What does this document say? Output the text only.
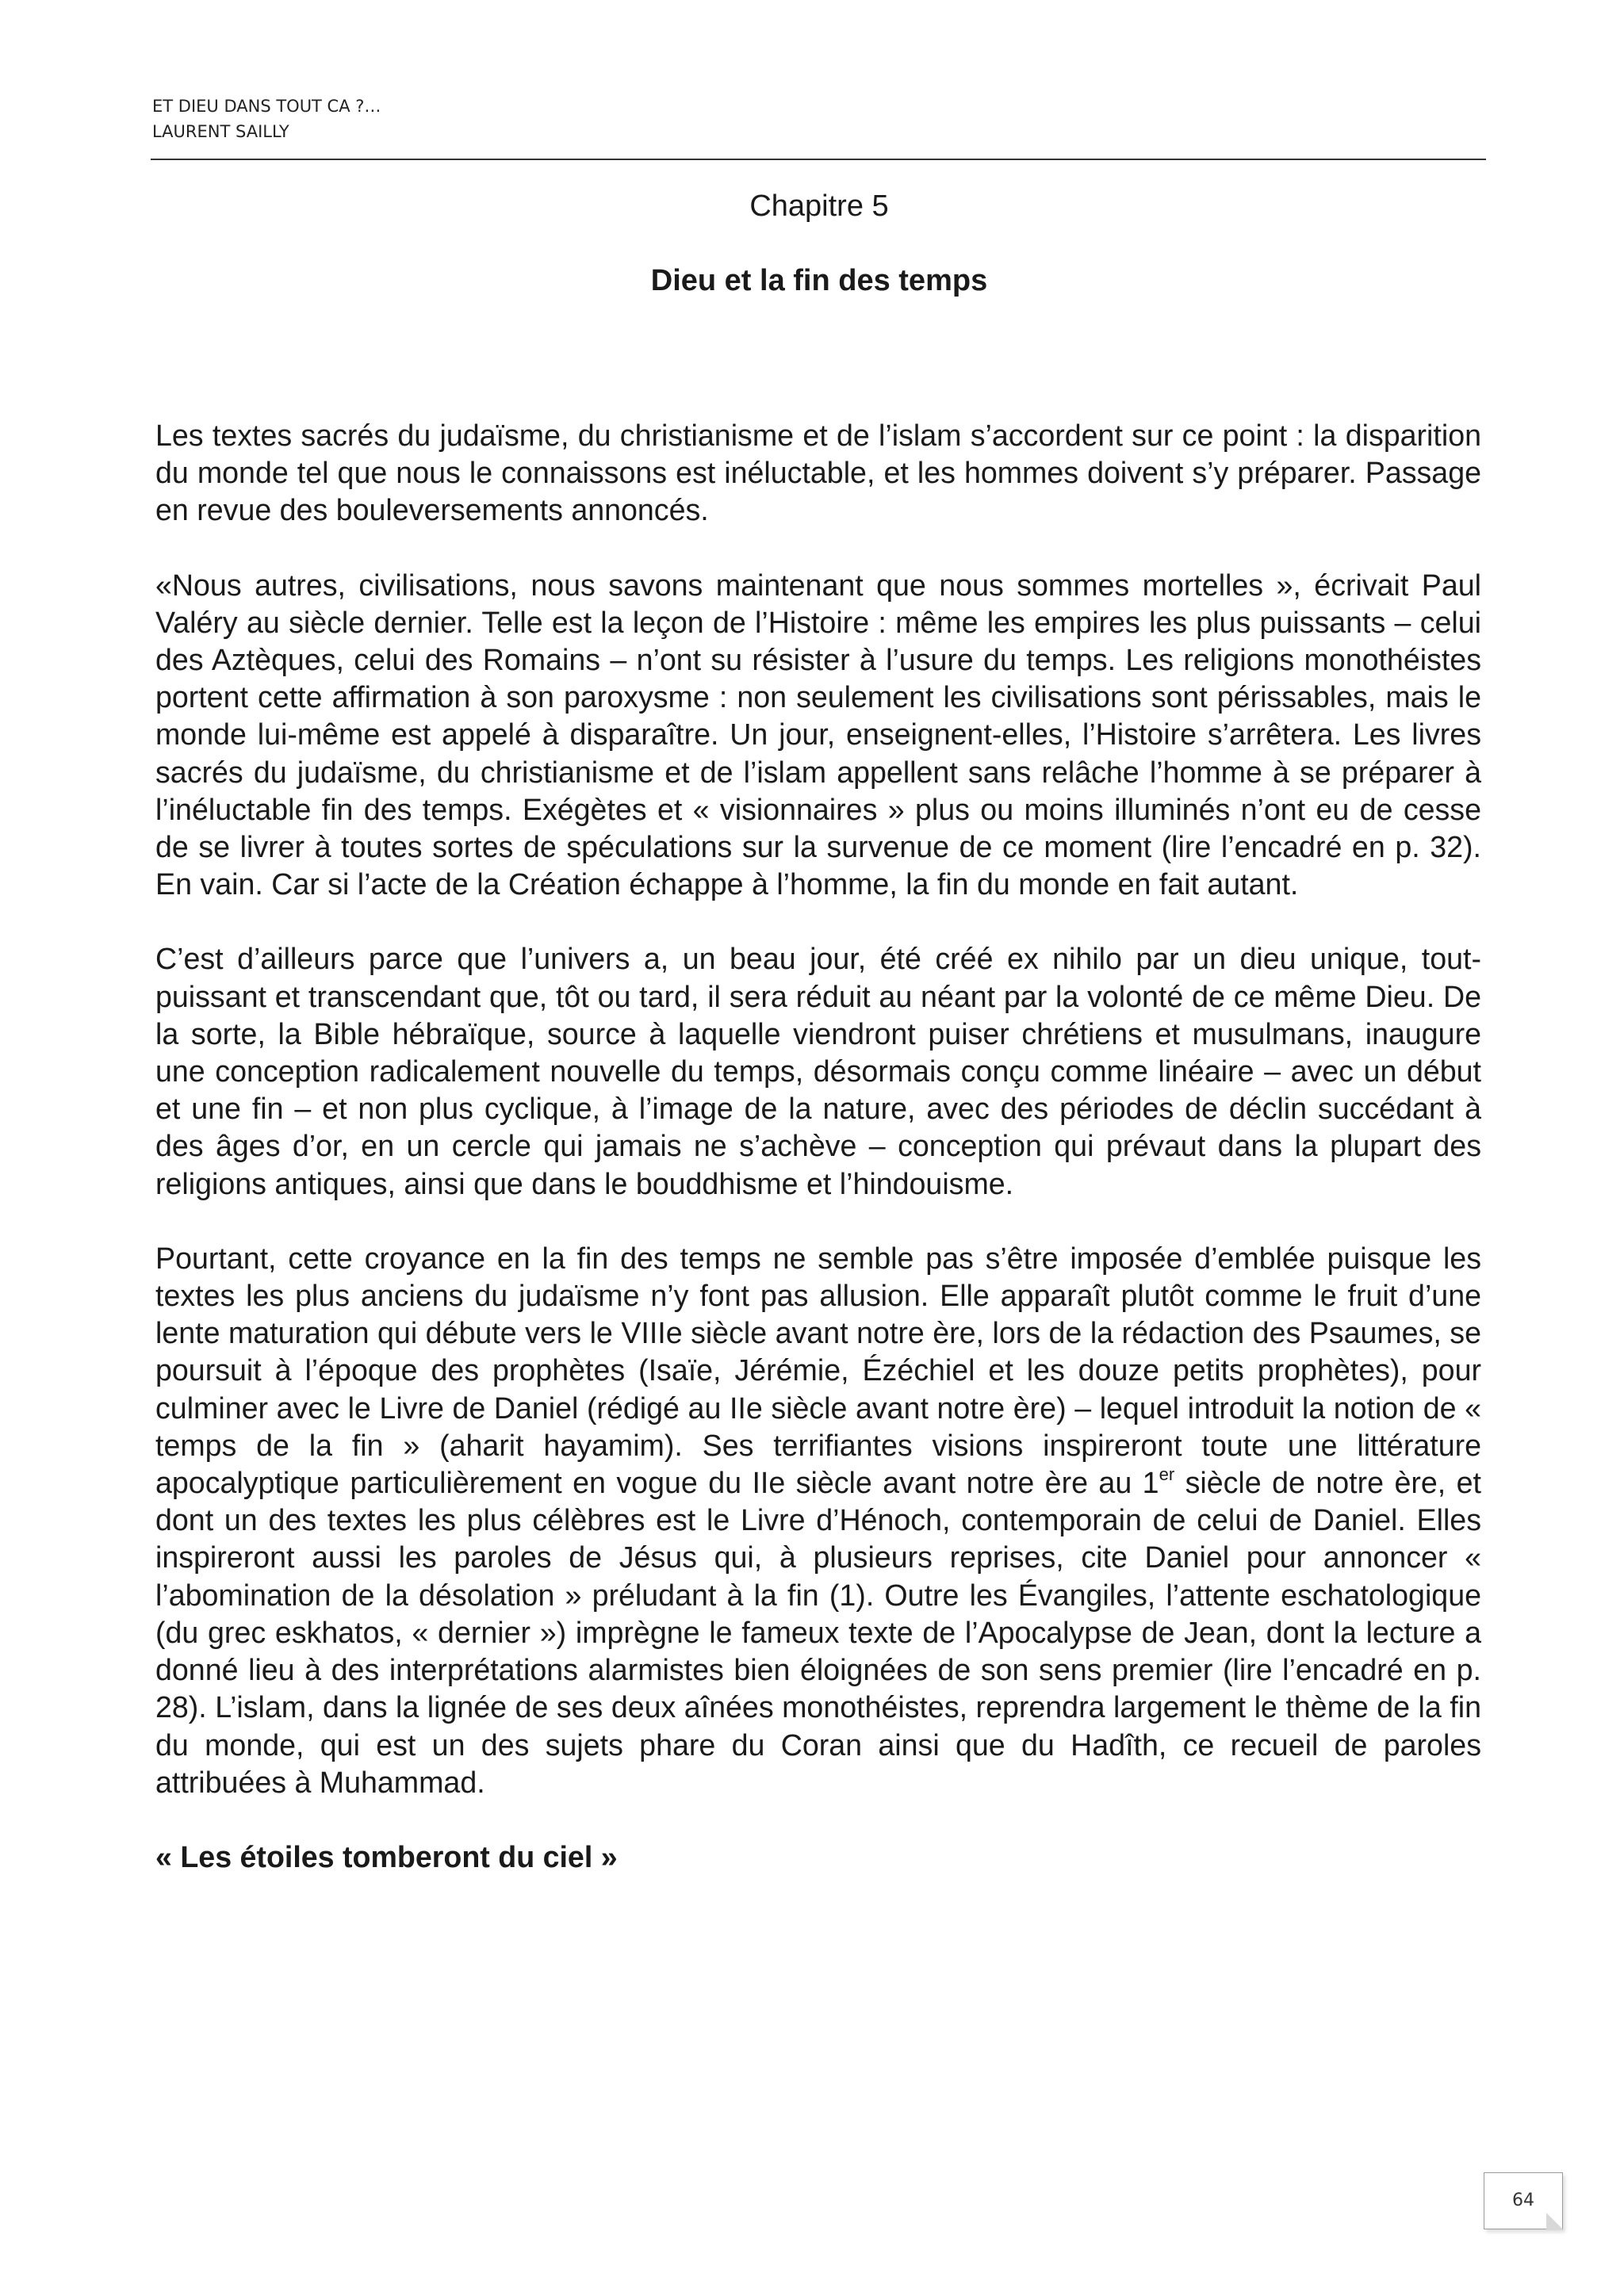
ET DIEU DANS TOUT CA ?…
LAURENT SAILLY
Chapitre 5
Dieu et la fin des temps

Les textes sacrés du judaïsme, du christianisme et de l’islam s’accordent sur ce point : la disparition du monde tel que nous le connaissons est inéluctable, et les hommes doivent s’y préparer. Passage en revue des bouleversements annoncés.

«Nous autres, civilisations, nous savons maintenant que nous sommes mortelles », écrivait Paul Valéry au siècle dernier. Telle est la leçon de l’Histoire : même les empires les plus puissants – celui des Aztèques, celui des Romains – n’ont su résister à l’usure du temps. Les religions monothéistes portent cette affirmation à son paroxysme : non seulement les civilisations sont périssables, mais le monde lui-même est appelé à disparaître. Un jour, enseignent-elles, l’Histoire s’arrêtera. Les livres sacrés du judaïsme, du christianisme et de l’islam appellent sans relâche l’homme à se préparer à l’inéluctable fin des temps. Exégètes et « visionnaires » plus ou moins illuminés n’ont eu de cesse de se livrer à toutes sortes de spéculations sur la survenue de ce moment (lire l’encadré en p. 32). En vain. Car si l’acte de la Création échappe à l’homme, la fin du monde en fait autant.

C’est d’ailleurs parce que l’univers a, un beau jour, été créé ex nihilo par un dieu unique, tout-puissant et transcendant que, tôt ou tard, il sera réduit au néant par la volonté de ce même Dieu. De la sorte, la Bible hébraïque, source à laquelle viendront puiser chrétiens et musulmans, inaugure une conception radicalement nouvelle du temps, désormais conçu comme linéaire – avec un début et une fin – et non plus cyclique, à l’image de la nature, avec des périodes de déclin succédant à des âges d’or, en un cercle qui jamais ne s’achève – conception qui prévaut dans la plupart des religions antiques, ainsi que dans le bouddhisme et l’hindouisme.

Pourtant, cette croyance en la fin des temps ne semble pas s’être imposée d’emblée puisque les textes les plus anciens du judaïsme n’y font pas allusion. Elle apparaît plutôt comme le fruit d’une lente maturation qui débute vers le VIIIe siècle avant notre ère, lors de la rédaction des Psaumes, se poursuit à l’époque des prophètes (Isaïe, Jérémie, Ézéchiel et les douze petits prophètes), pour culminer avec le Livre de Daniel (rédigé au IIe siècle avant notre ère) – lequel introduit la notion de « temps de la fin » (aharit hayamim). Ses terrifiantes visions inspireront toute une littérature apocalyptique particulièrement en vogue du IIe siècle avant notre ère au 1er siècle de notre ère, et dont un des textes les plus célèbres est le Livre d’Hénoch, contemporain de celui de Daniel. Elles inspireront aussi les paroles de Jésus qui, à plusieurs reprises, cite Daniel pour annoncer « l’abomination de la désolation » préludant à la fin (1). Outre les Évangiles, l’attente eschatologique (du grec eskhatos, « dernier ») imprègne le fameux texte de l’Apocalypse de Jean, dont la lecture a donné lieu à des interprétations alarmistes bien éloignées de son sens premier (lire l’encadré en p. 28). L’islam, dans la lignée de ses deux aînées monothéistes, reprendra largement le thème de la fin du monde, qui est un des sujets phare du Coran ainsi que du Hadîth, ce recueil de paroles attribuées à Muhammad.

« Les étoiles tomberont du ciel »

64
